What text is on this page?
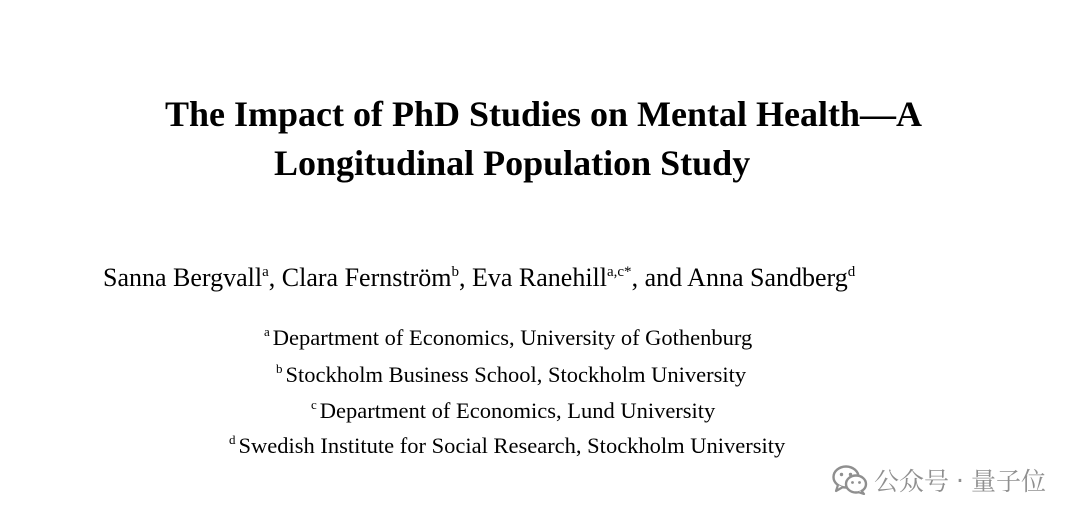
The Impact of PhD Studies on Mental Health—A
Longitudinal Population Study
Sanna Bergvall$^a$, Clara Fernström$^b$, Eva Ranehill$^{a,c*}$, and Anna Sandberg$^d$
$^a$ Department of Economics, University of Gothenburg
$^b$ Stockholm Business School, Stockholm University
$^c$ Department of Economics, Lund University
$^d$ Swedish Institute for Social Research, Stockholm University
公众号 · 量子位
